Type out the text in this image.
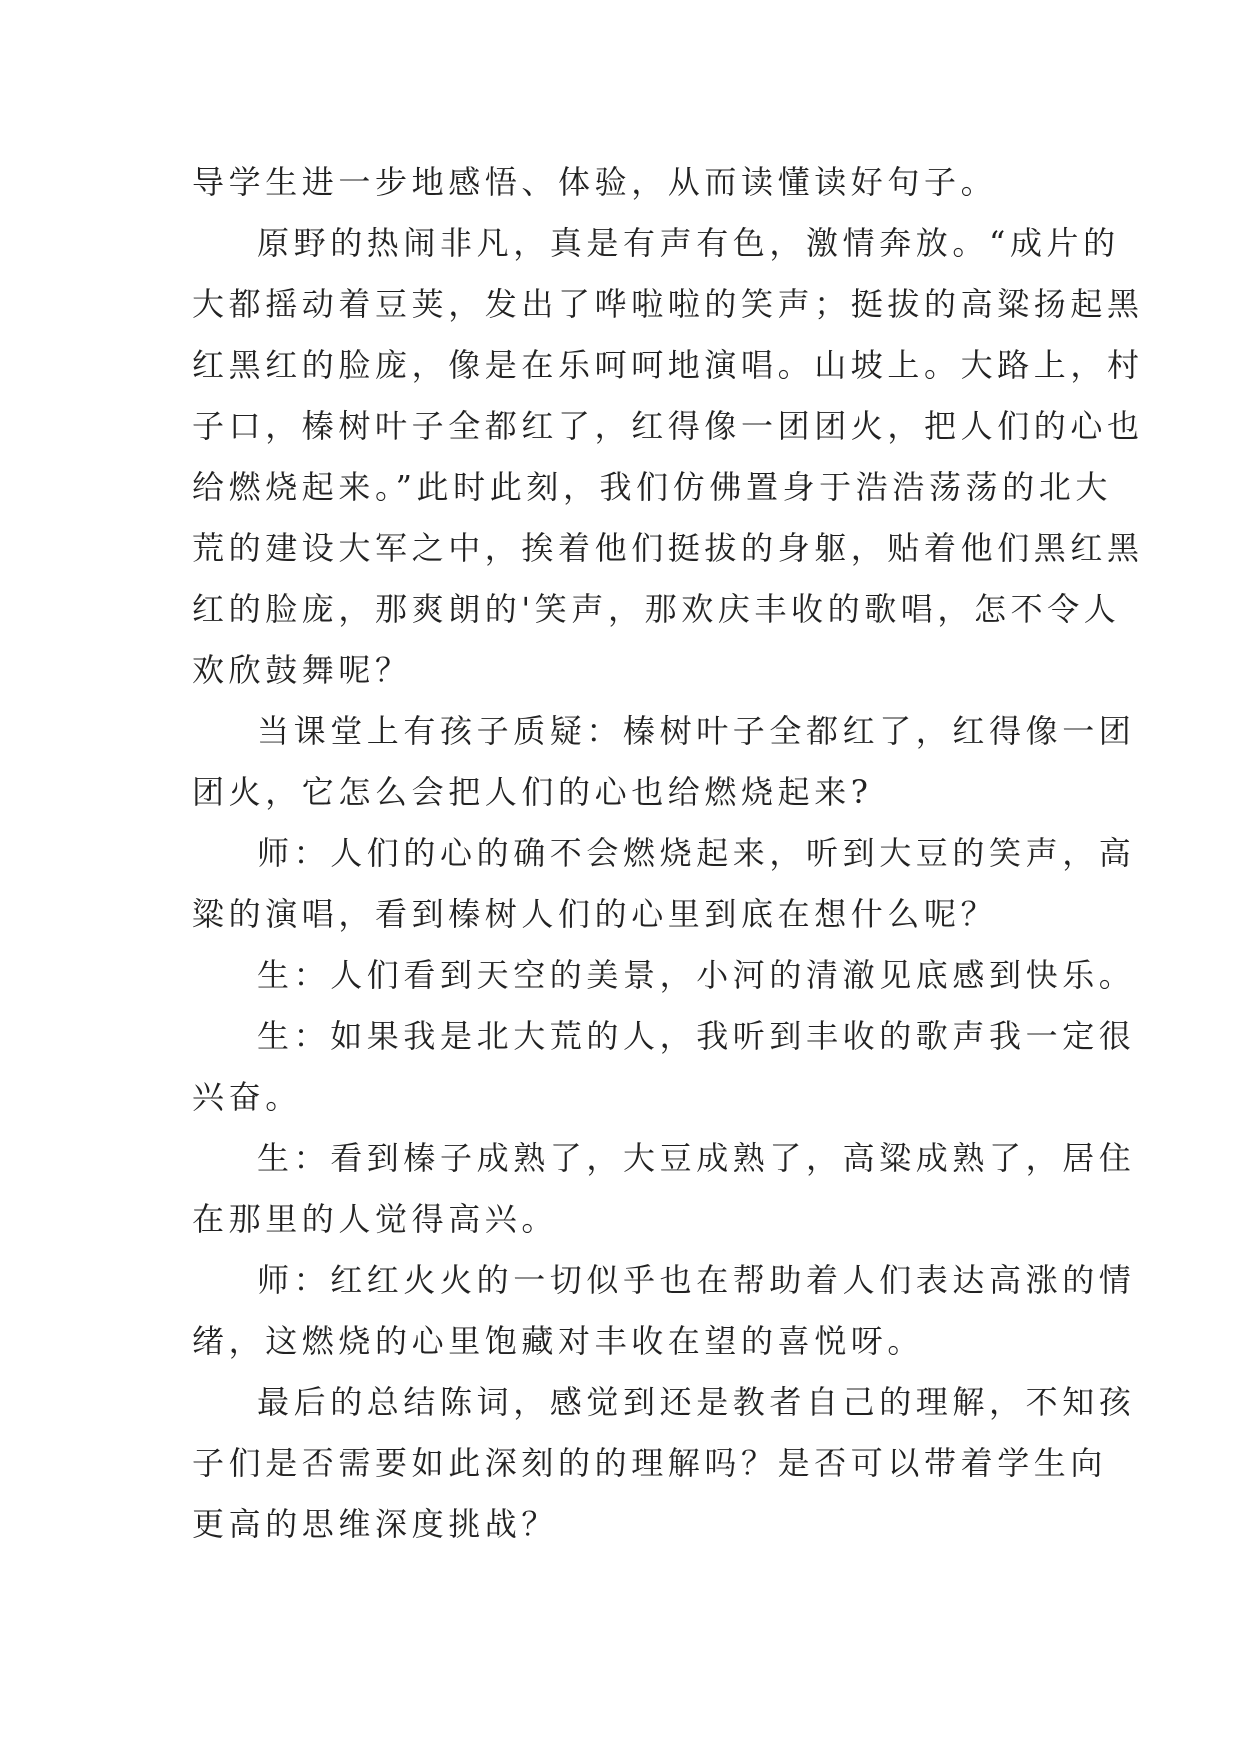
导学生进一步地感悟、体验，从而读懂读好句子。
原野的热闹非凡，真是有声有色，激情奔放。“成片的
大都摇动着豆荚，发出了哗啦啦的笑声；挺拔的高粱扬起黑
红黑红的脸庞，像是在乐呵呵地演唱。山坡上。大路上，村
子口，榛树叶子全都红了，红得像一团团火，把人们的心也
给燃烧起来。”此时此刻，我们仿佛置身于浩浩荡荡的北大
荒的建设大军之中，挨着他们挺拔的身躯，贴着他们黑红黑
红的脸庞，那爽朗的'笑声，那欢庆丰收的歌唱，怎不令人
欢欣鼓舞呢？
当课堂上有孩子质疑：榛树叶子全都红了，红得像一团
团火，它怎么会把人们的心也给燃烧起来?
师：人们的心的确不会燃烧起来，听到大豆的笑声，高
粱的演唱，看到榛树人们的心里到底在想什么呢？
生：人们看到天空的美景，小河的清澈见底感到快乐。
生：如果我是北大荒的人，我听到丰收的歌声我一定很
兴奋。
生：看到榛子成熟了，大豆成熟了，高粱成熟了，居住
在那里的人觉得高兴。
师：红红火火的一切似乎也在帮助着人们表达高涨的情
绪，这燃烧的心里饱藏对丰收在望的喜悦呀。
最后的总结陈词，感觉到还是教者自己的理解，不知孩
子们是否需要如此深刻的的理解吗？是否可以带着学生向
更高的思维深度挑战？
